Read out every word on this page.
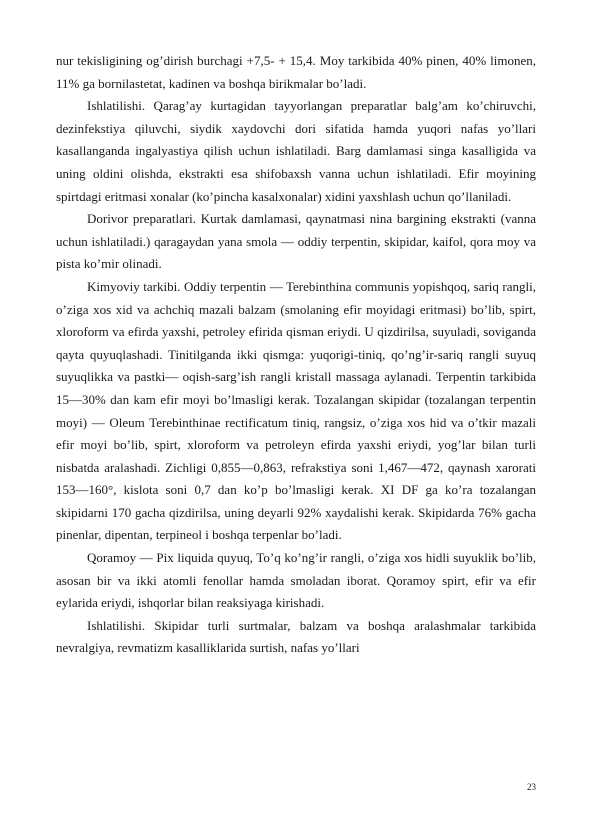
nur tekisligining og’dirish burchagi +7,5- + 15,4. Moy tarkibida 40% pinen, 40% limonen, 11% ga bornilastetat, kadinen va boshqa birikmalar bo’ladi.

Ishlatilishi. Qarag’ay kurtagidan tayyorlangan preparatlar balg’am ko’chiruvchi, dezinfekstiya qiluvchi, siydik xaydovchi dori sifatida hamda yuqori nafas yo’llari kasallanganda ingalyastiya qilish uchun ishlatiladi. Barg damlamasi singa kasalligida va uning oldini olishda, ekstrakti esa shifobaxsh vanna uchun ishlatiladi. Efir moyining spirtdagi eritmasi xonalar (ko’pincha kasalxonalar) xidini yaxshlash uchun qo’llaniladi.

Dorivor preparatlari. Kurtak damlamasi, qaynatmasi nina bargining ekstrakti (vanna uchun ishlatiladi.) qaragaydan yana smola — oddiy terpentin, skipidar, kaifol, qora moy va pista ko’mir olinadi.

Kimyoviy tarkibi. Oddiy terpentin — Terebinthina communis yopishqoq, sariq rangli, o’ziga xos xid va achchiq mazali balzam (smolaning efir moyidagi eritmasi) bo’lib, spirt, xloroform va efirda yaxshi, petroley efirida qisman eriydi. U qizdirilsa, suyuladi, soviganda qayta quyuqlashadi. Tinitilganda ikki qismga: yuqorigi-tiniq, qo’ng’ir-sariq rangli suyuq suyuqlikka va pastki— oqish-sarg’ish rangli kristall massaga aylanadi. Terpentin tarkibida 15—30% dan kam efir moyi bo’lmasligi kerak. Tozalangan skipidar (tozalangan terpentin moyi) — Oleum Terebinthinae rectificatum tiniq, rangsiz, o’ziga xos hid va o’tkir mazali efir moyi bo’lib, spirt, xloroform va petroleyn efirda yaxshi eriydi, yog’lar bilan turli nisbatda aralashadi. Zichligi 0,855—0,863, refrakstiya soni 1,467—472, qaynash xarorati 153—160°, kislota soni 0,7 dan ko’p bo’lmasligi kerak. XI DF ga ko’ra tozalangan skipidarni 170 gacha qizdirilsa, uning deyarli 92% xaydalishi kerak. Skipidarda 76% gacha pinenlar, dipentan, terpineol i boshqa terpenlar bo’ladi.

Qoramoy — Pix liquida quyuq, To’q ko’ng’ir rangli, o’ziga xos hidli suyuklik bo’lib, asosan bir va ikki atomli fenollar hamda smoladan iborat. Qoramoy spirt, efir va efir eylarida eriydi, ishqorlar bilan reaksiyaga kirishadi.

Ishlatilishi. Skipidar turli surtmalar, balzam va boshqa aralashmalar tarkibida nevralgiya, revmatizm kasalliklarida surtish, nafas yo’llari

23
